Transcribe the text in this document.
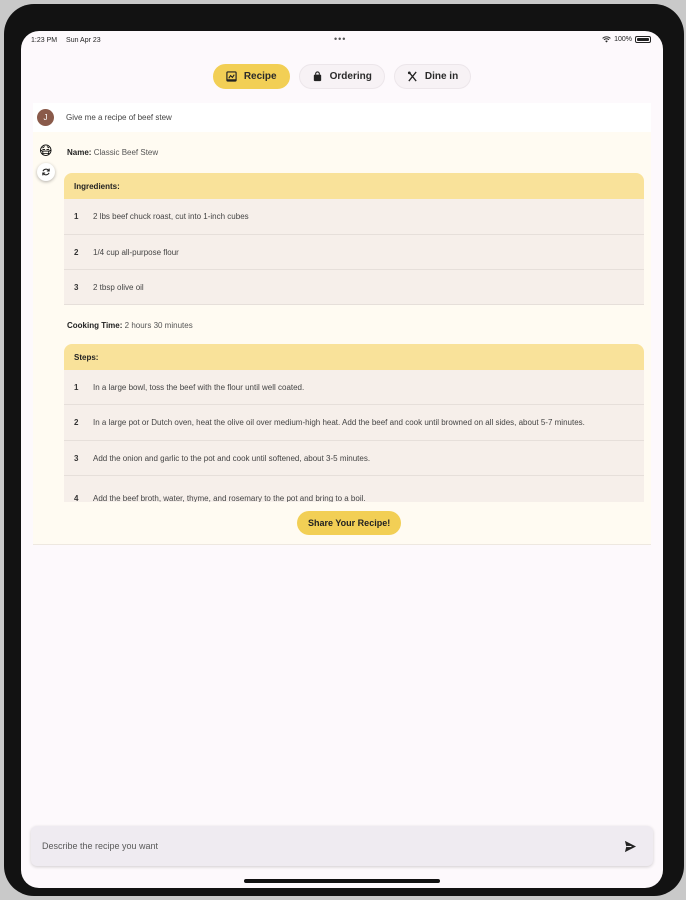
1:23 PM Sun Apr 23	•••	100%
Recipe	Ordering	Dine in
J	Give me a recipe of beef stew
😷 Name: Classic Beef Stew
Ingredients:
1	2 lbs beef chuck roast, cut into 1-inch cubes
2	1/4 cup all-purpose flour
3	2 tbsp olive oil
Cooking Time: 2 hours 30 minutes
Steps:
1	In a large bowl, toss the beef with the flour until well coated.
2	In a large pot or Dutch oven, heat the olive oil over medium-high heat. Add the beef and cook until browned on all sides, about 5-7 minutes.
3	Add the onion and garlic to the pot and cook until softened, about 3-5 minutes.
4	Add the beef broth, water, thyme, and rosemary to the pot and bring to a boil.
Share Your Recipe!
Describe the recipe you want
